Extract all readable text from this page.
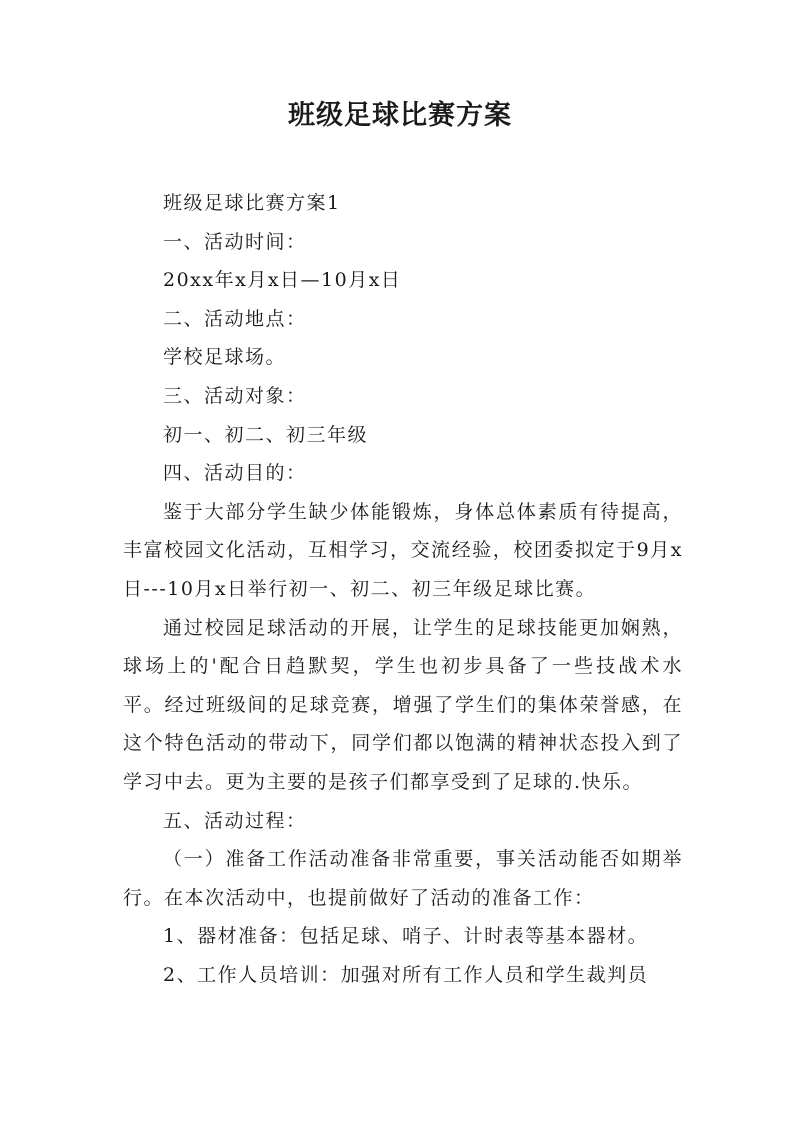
班级足球比赛方案

班级足球比赛方案1

一、活动时间：

20xx年x月x日—10月x日

二、活动地点：

学校足球场。

三、活动对象：

初一、初二、初三年级

四、活动目的：

鉴于大部分学生缺少体能锻炼，身体总体素质有待提高，丰富校园文化活动，互相学习，交流经验，校团委拟定于9月x日---10月x日举行初一、初二、初三年级足球比赛。

通过校园足球活动的开展，让学生的足球技能更加娴熟，球场上的'配合日趋默契，学生也初步具备了一些技战术水平。经过班级间的足球竞赛，增强了学生们的集体荣誉感，在这个特色活动的带动下，同学们都以饱满的精神状态投入到了学习中去。更为主要的是孩子们都享受到了足球的.快乐。

五、活动过程：

（一）准备工作活动准备非常重要，事关活动能否如期举行。在本次活动中，也提前做好了活动的准备工作：

1、器材准备：包括足球、哨子、计时表等基本器材。

2、工作人员培训：加强对所有工作人员和学生裁判员
